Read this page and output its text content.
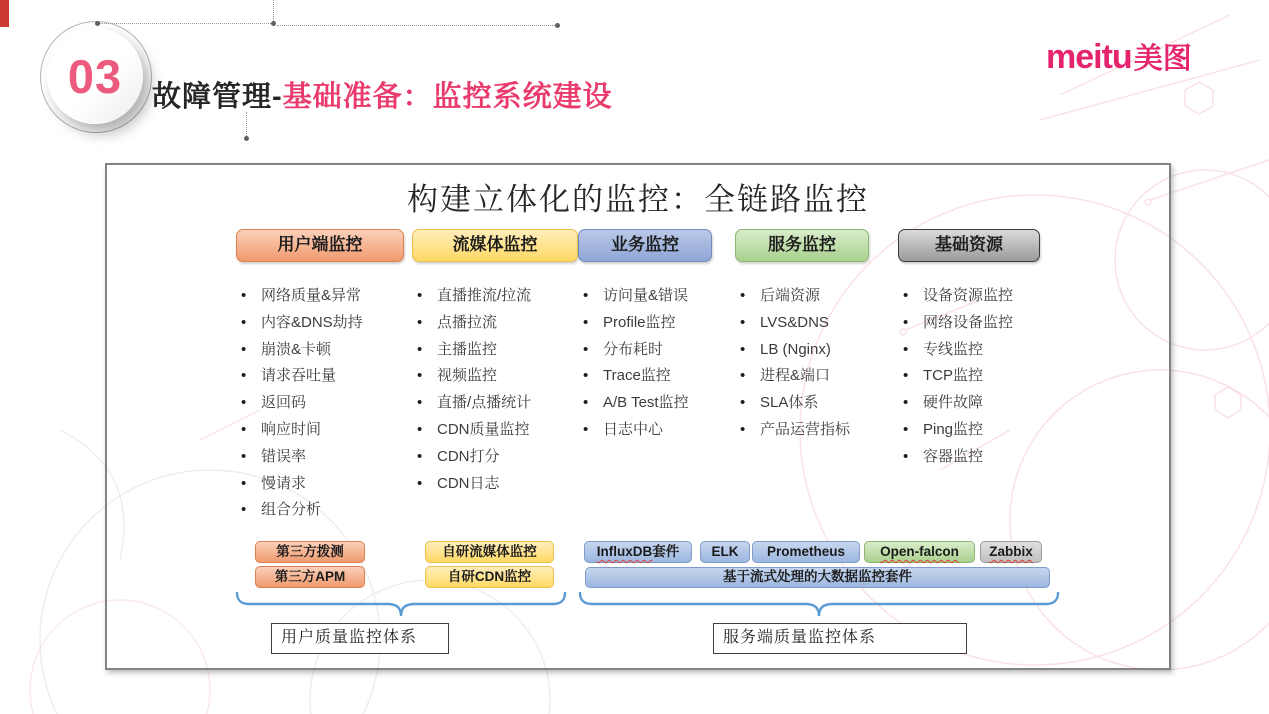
03 故障管理-基础准备：监控系统建设
meitu 美图
构建立体化的监控：全链路监控
用户端监控
• 网络质量&异常
• 内容&DNS劫持
• 崩溃&卡顿
• 请求吞吐量
• 返回码
• 响应时间
• 错误率
• 慢请求
• 组合分析
流媒体监控
• 直播推流/拉流
• 点播拉流
• 主播监控
• 视频监控
• 直播/点播统计
• CDN质量监控
• CDN打分
• CDN日志
业务监控
• 访问量&错误
• Profile监控
• 分布耗时
• Trace监控
• A/B Test监控
• 日志中心
服务监控
• 后端资源
• LVS&DNS
• LB (Nginx)
• 进程&端口
• SLA体系
• 产品运营指标
基础资源
• 设备资源监控
• 网络设备监控
• 专线监控
• TCP监控
• 硬件故障
• Ping监控
• 容器监控
第三方拨测
第三方APM
自研流媒体监控
自研CDN监控
InfluxDB套件	ELK	Prometheus	Open-falcon	Zabbix
基于流式处理的大数据监控套件
用户质量监控体系	服务端质量监控体系
